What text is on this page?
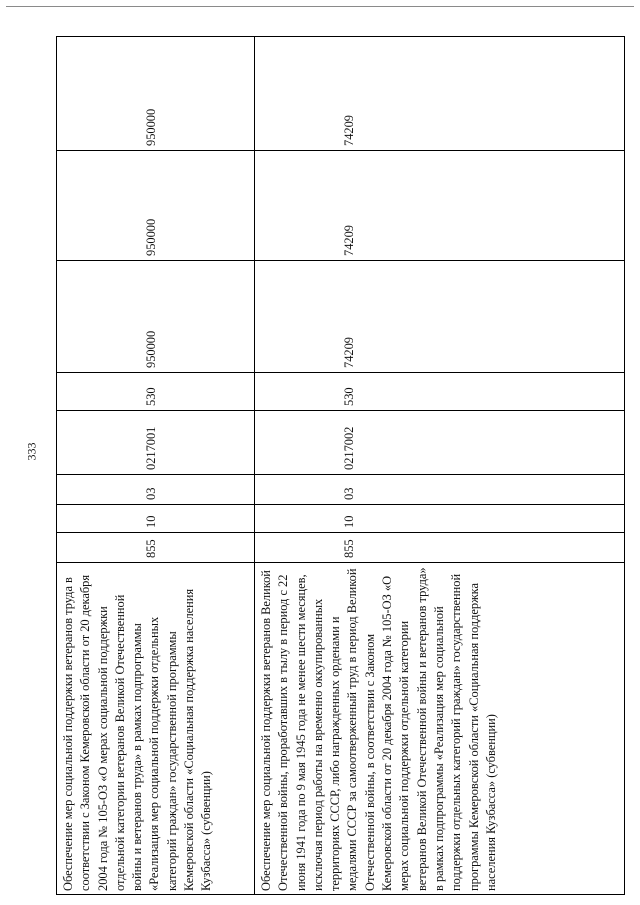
333
Обеспечение мер социальной поддержки ветеранов труда в соответствии с Законом Кемеровской области от 20 декабря 2004 года № 105-ОЗ «О мерах социальной поддержки отдельной категории ветеранов Великой Отечественной войны и ветеранов труда» в рамках подпрограммы «Реализация мер социальной поддержки отдельных категорий граждан» государственной программы Кемеровской области «Социальная поддержка населения Кузбасса» (субвенции)	855	10	03	0217001	530	950000	950000	950000
Обеспечение мер социальной поддержки ветеранов Великой Отечественной войны, проработавших в тылу в период с 22 июня 1941 года по 9 мая 1945 года не менее шести месяцев, исключая период работы на временно оккупированных территориях СССР, либо награжденных орденами и медалями СССР за самоотверженный труд в период Великой Отечественной войны, в соответствии с Законом Кемеровской области от 20 декабря 2004 года № 105-ОЗ «О мерах социальной поддержки отдельной категории ветеранов Великой Отечественной войны и ветеранов труда» в рамках подпрограммы «Реализация мер социальной поддержки отдельных категорий граждан» государственной программы Кемеровской области «Социальная поддержка населения Кузбасса» (субвенции)	855	10	03	0217002	530	74209	74209	74209
